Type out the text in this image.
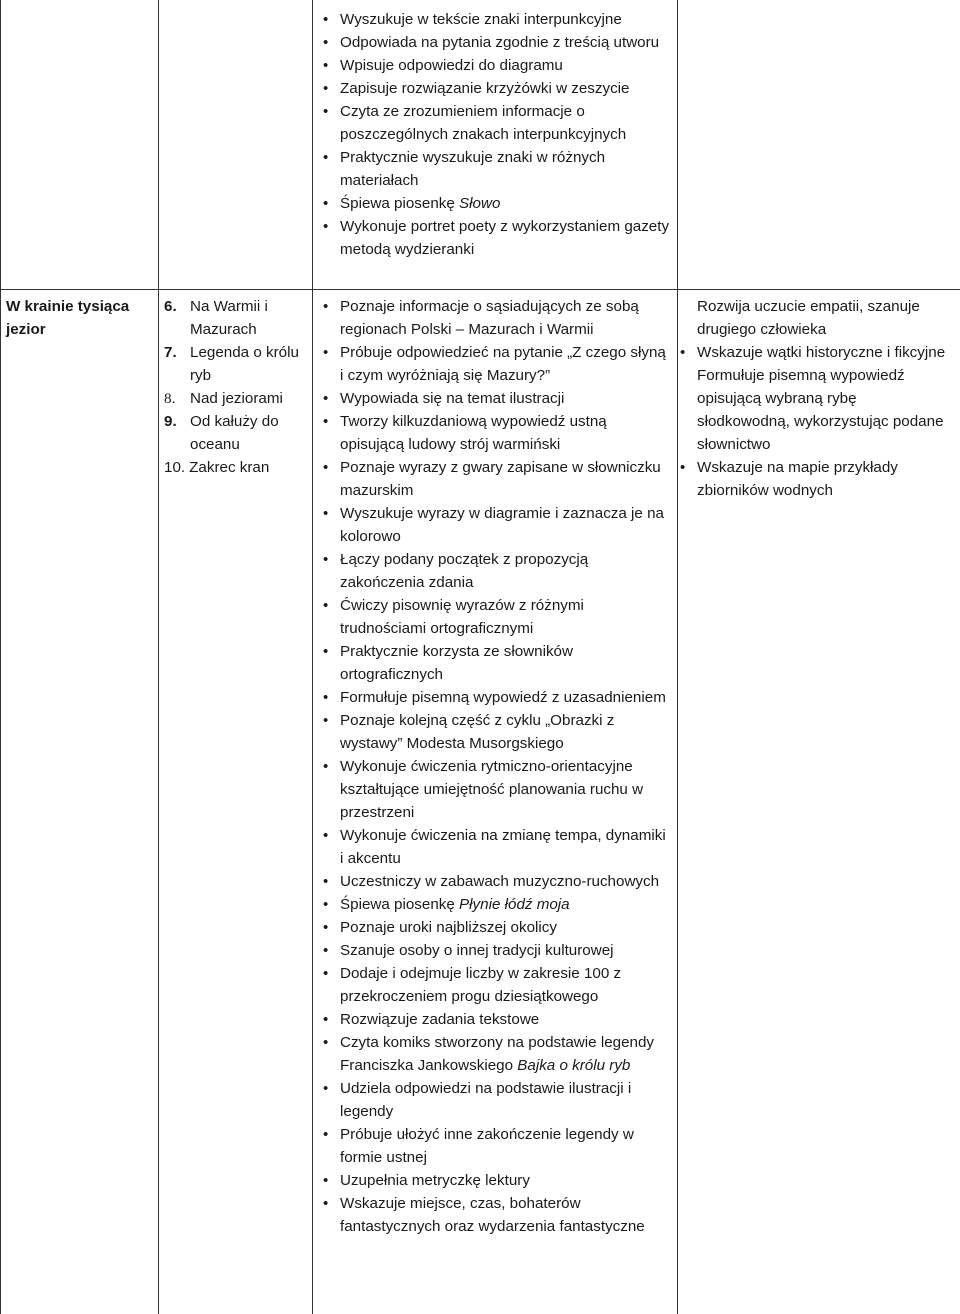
• Wyszukuje w tekście znaki interpunkcyjne
• Odpowiada na pytania zgodnie z treścią utworu
• Wpisuje odpowiedzi do diagramu
• Zapisuje rozwiązanie krzyżówki w zeszycie
• Czyta ze zrozumieniem informacje o poszczególnych znakach interpunkcyjnych
• Praktycznie wyszukuje znaki w różnych materiałach
• Śpiewa piosenkę Słowo
• Wykonuje portret poety z wykorzystaniem gazety metodą wydzieranki
W krainie tysiąca jezior
6. Na Warmii i Mazurach
7. Legenda o królu ryb
8. Nad jeziorami
9. Od kałuży do oceanu
10. Zakrec kran
• Poznaje informacje o sąsiadujących ze sobą regionach Polski – Mazurach i Warmii
• Próbuje odpowiedzieć na pytanie „Z czego słyną i czym wyróżniają się Mazury?”
• Wypowiada się na temat ilustracji
• Tworzy kilkuzdaniową wypowiedź ustną opisującą ludowy strój warmiński
• Poznaje wyrazy z gwary zapisane w słowniczku mazurskim
• Wyszukuje wyrazy w diagramie i zaznacza je na kolorowo
• Łączy podany początek z propozycją zakończenia zdania
• Ćwiczy pisownię wyrazów z różnymi trudnościami ortograficznymi
• Praktycznie korzysta ze słowników ortograficznych
• Formułuje pisemną wypowiedź z uzasadnieniem
• Poznaje kolejną część z cyklu „Obrazki z wystawy” Modesta Musorgskiego
• Wykonuje ćwiczenia rytmiczno-orientacyjne kształtujące umiejętność planowania ruchu w przestrzeni
• Wykonuje ćwiczenia na zmianę tempa, dynamiki i akcentu
• Uczestniczy w zabawach muzyczno-ruchowych
• Śpiewa piosenkę Płynie łódź moja
• Poznaje uroki najbliższej okolicy
• Szanuje osoby o innej tradycji kulturowej
• Dodaje i odejmuje liczby w zakresie 100 z przekroczeniem progu dziesiątkowego
• Rozwiązuje zadania tekstowe
• Czyta komiks stworzony na podstawie legendy Franciszka Jankowskiego Bajka o królu ryb
• Udziela odpowiedzi na podstawie ilustracji i legendy
• Próbuje ułożyć inne zakończenie legendy w formie ustnej
• Uzupełnia metryczkę lektury
• Wskazuje miejsce, czas, bohaterów fantastycznych oraz wydarzenia fantastyczne
Rozwija uczucie empatii, szanuje drugiego człowieka
• Wskazuje wątki historyczne i fikcyjne
Formułuje pisemną wypowiedź opisującą wybraną rybę słodkowodną, wykorzystując podane słownictwo
• Wskazuje na mapie przykłady zbiorników wodnych
